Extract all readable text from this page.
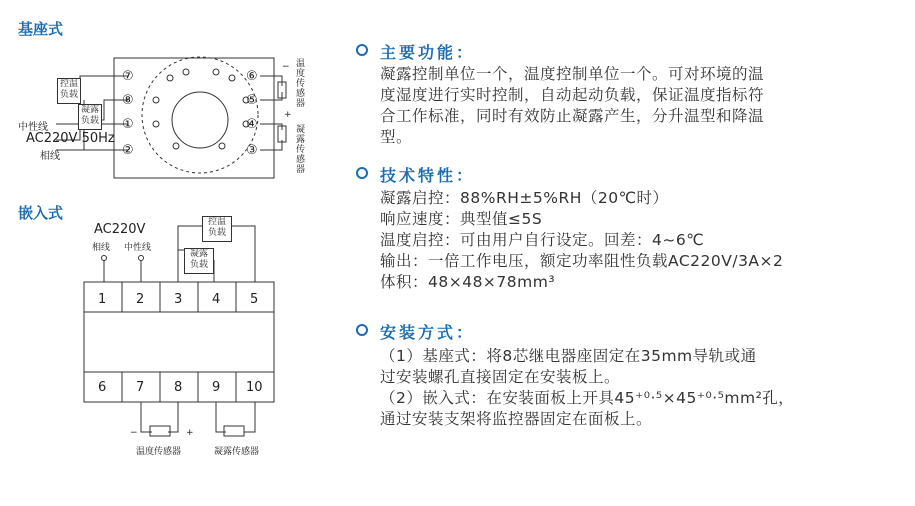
基座式
嵌入式
⑦
⑧
①
②
⑥
⑤
④
③
控温
负载
凝露
负载
中性线
AC220V 50Hz
相线
−
+
温度传感器
凝露传感器
AC220V
相线 中性线
控温
负载
凝露
负载
1 2 3 4 5
6 7 8 9 10
−	+
温度传感器	凝露传感器
主要功能：
凝露控制单位一个，温度控制单位一个。可对环境的温
度湿度进行实时控制，自动起动负载，保证温度指标符
合工作标准，同时有效防止凝露产生，分升温型和降温
型。
技术特性：
凝露启控：88%RH±5%RH（20℃时）
响应速度：典型值≤5S
温度启控：可由用户自行设定。回差：4~6℃
输出：一倍工作电压，额定功率阻性负载AC220V/3A×2
体积：48×48×78mm³
安装方式：
（1）基座式：将8芯继电器座固定在35mm导轨或通
过安装螺孔直接固定在安装板上。
（2）嵌入式：在安装面板上开具45⁺⁰·⁵×45⁺⁰·⁵mm²孔，
通过安装支架将监控器固定在面板上。
